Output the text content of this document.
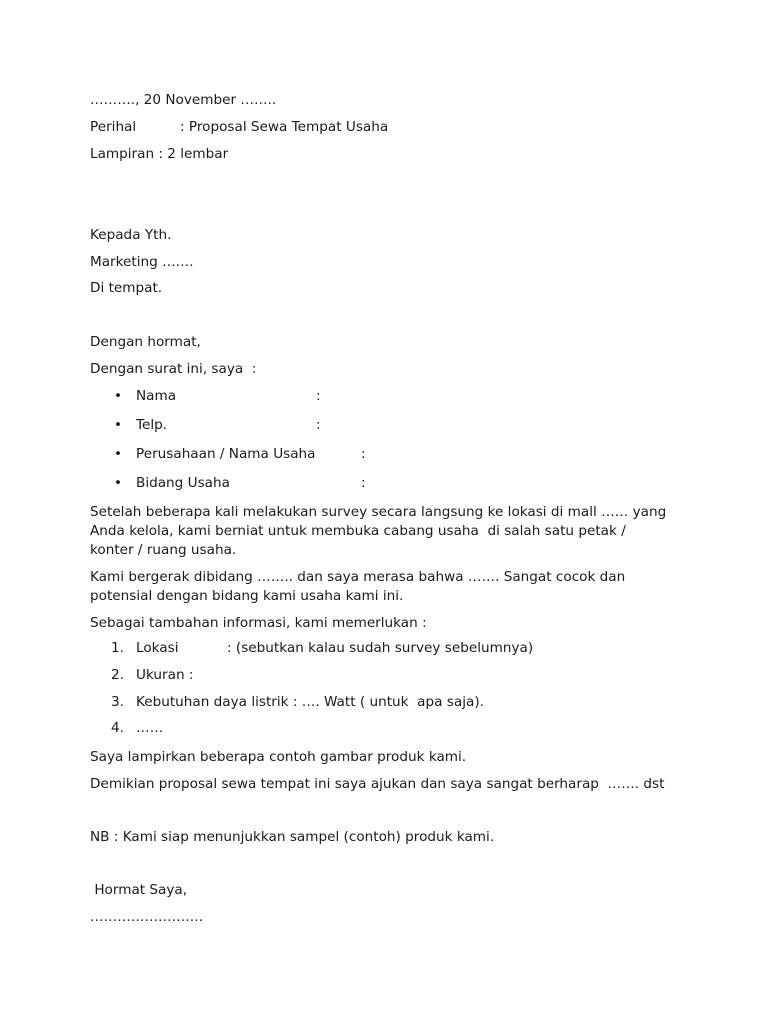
………., 20 November ……..
Perihal	: Proposal Sewa Tempat Usaha
Lampiran : 2 lembar
Kepada Yth.
Marketing …….
Di tempat.
Dengan hormat,
Dengan surat ini, saya  :
• Nama	:
• Telp.	:
• Perusahaan / Nama Usaha	:
• Bidang Usaha	:
Setelah beberapa kali melakukan survey secara langsung ke lokasi di mall …… yang
Anda kelola, kami berniat untuk membuka cabang usaha  di salah satu petak /
konter / ruang usaha.
Kami bergerak dibidang …….. dan saya merasa bahwa ……. Sangat cocok dan
potensial dengan bidang kami usaha kami ini.
Sebagai tambahan informasi, kami memerlukan :
1. Lokasi	: (sebutkan kalau sudah survey sebelumnya)
2. Ukuran :
3. Kebutuhan daya listrik : …. Watt ( untuk  apa saja).
4. ……
Saya lampirkan beberapa contoh gambar produk kami.
Demikian proposal sewa tempat ini saya ajukan dan saya sangat berharap  ……. dst
NB : Kami siap menunjukkan sampel (contoh) produk kami.
Hormat Saya,
…………………….
